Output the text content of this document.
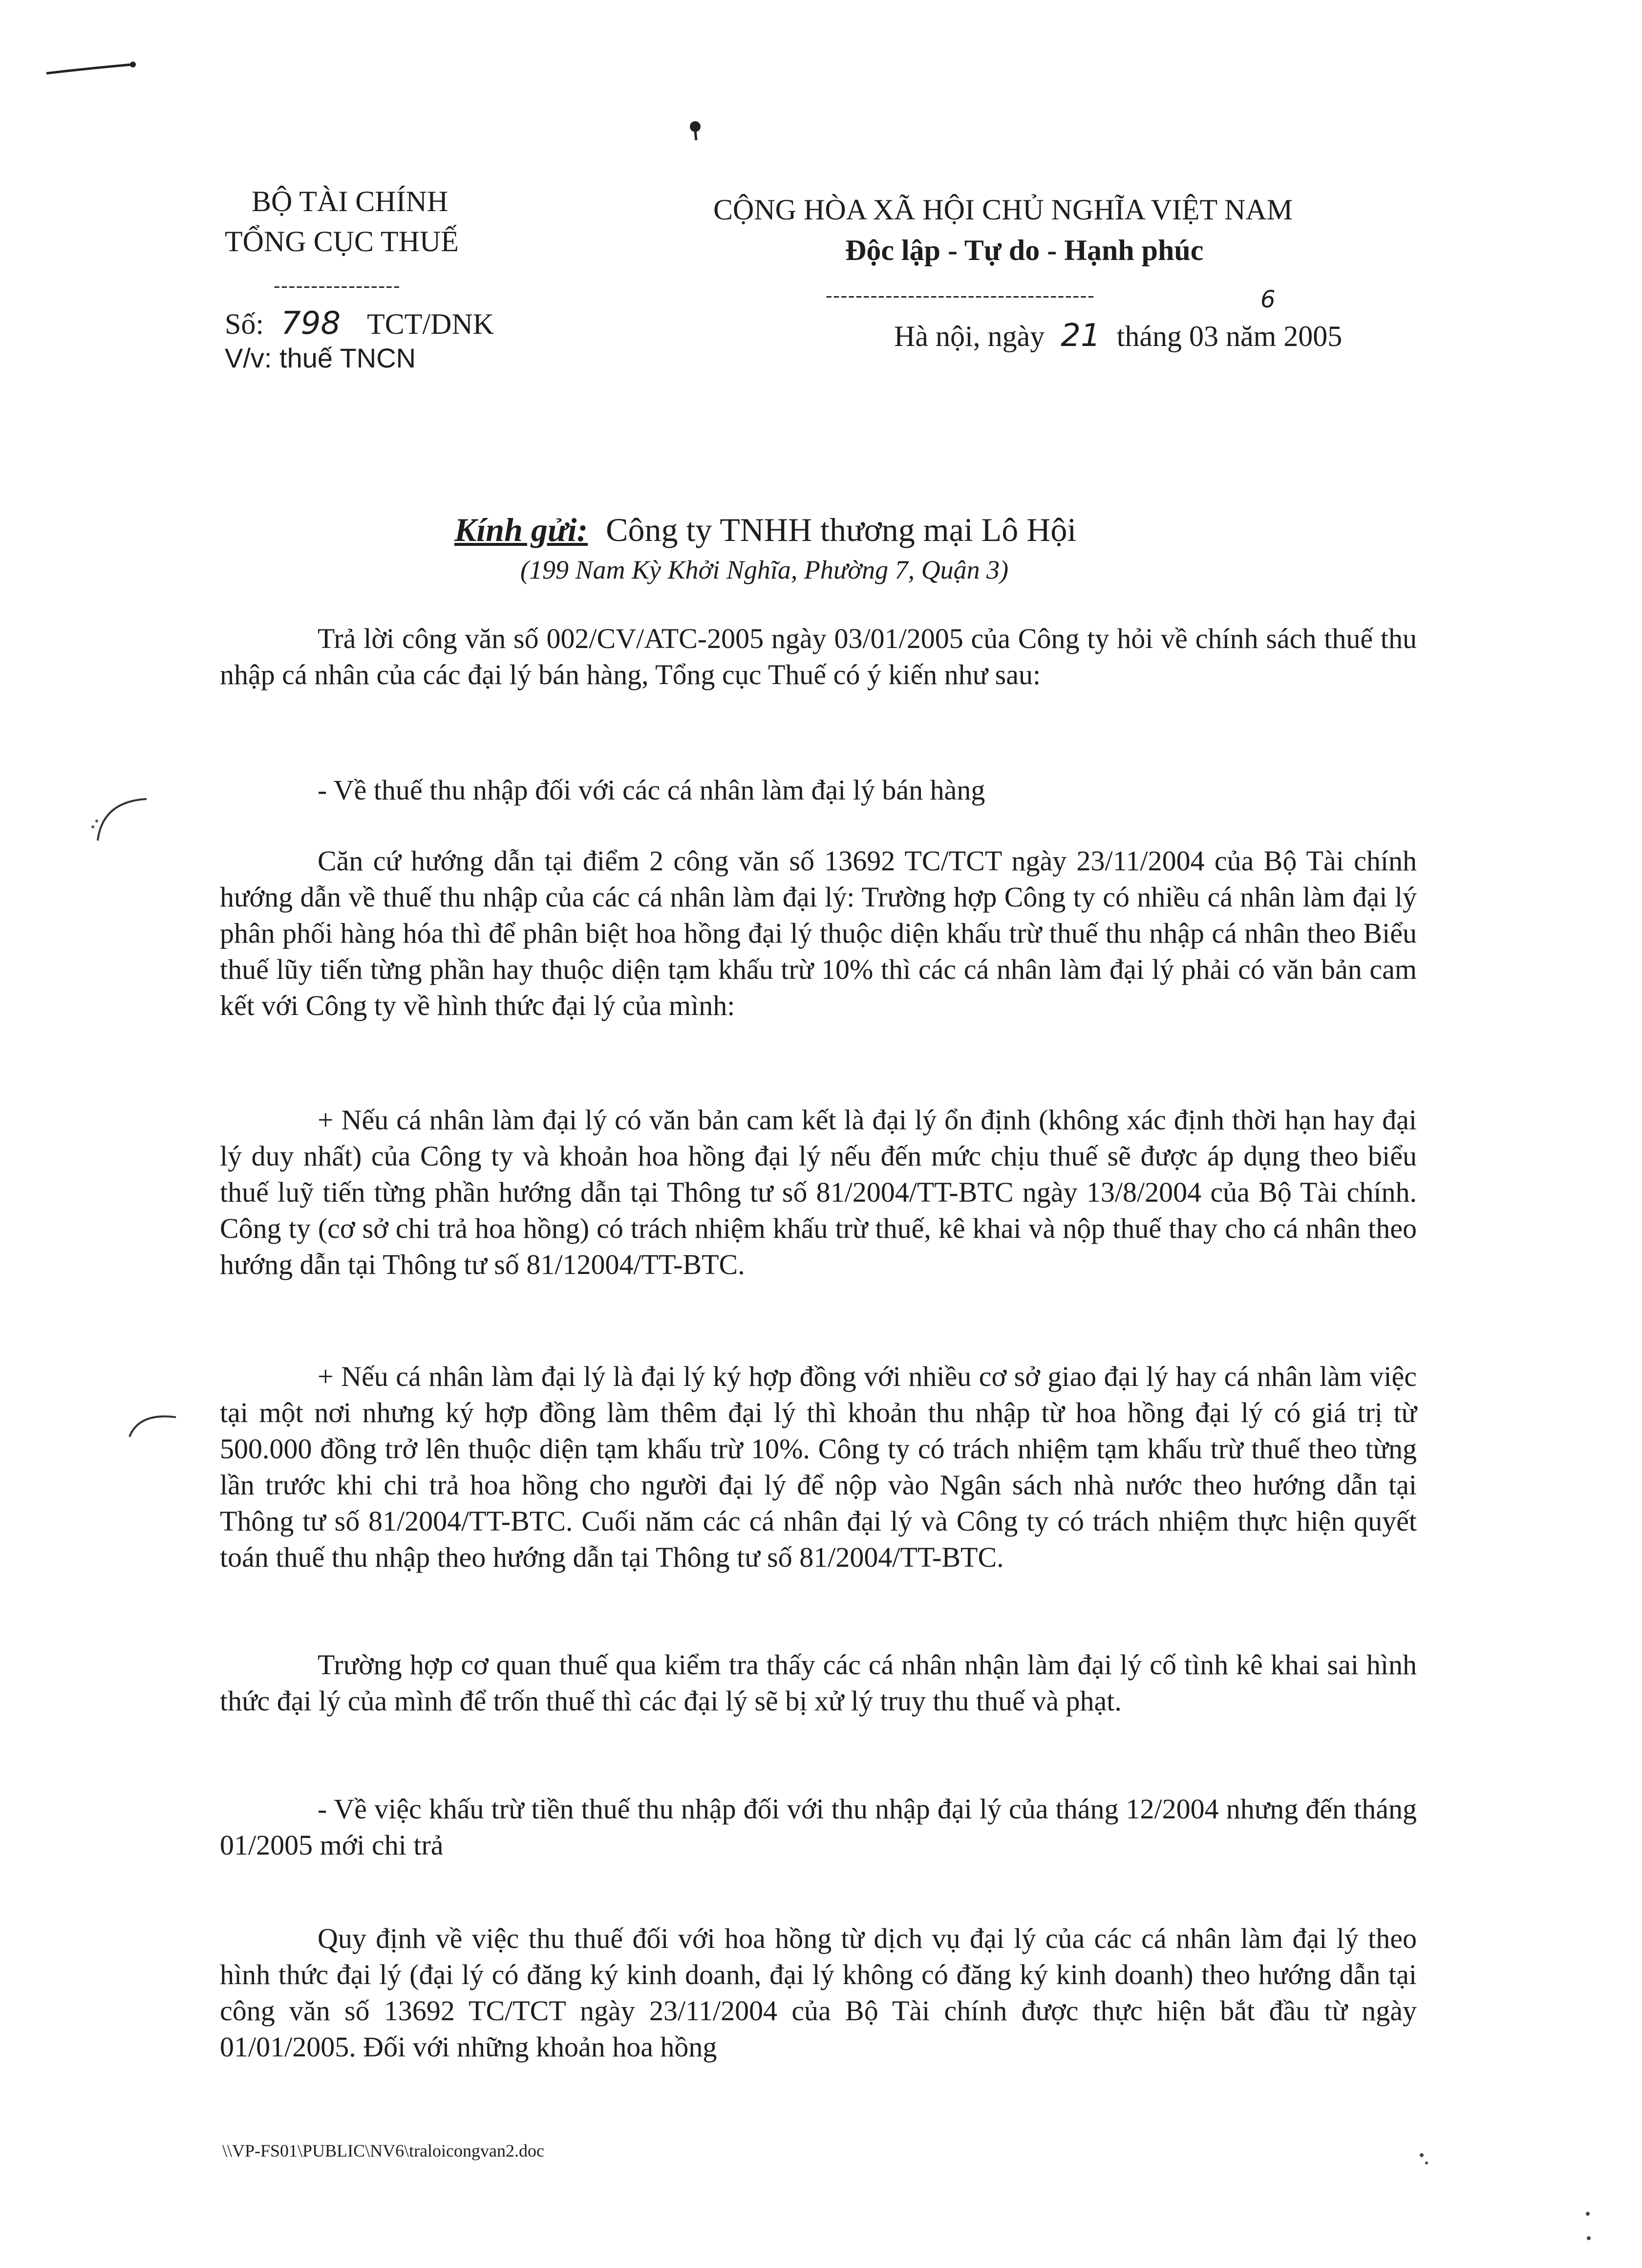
BỘ TÀI CHÍNH
TỔNG CỤC THUẾ
-----------------
CỘNG HÒA XÃ HỘI CHỦ NGHĨA VIỆT NAM
Độc lập - Tự do - Hạnh phúc
------------------------------------	6
Số: 798 TCT/DNK
V/v: thuế TNCN
Hà nội, ngày 21 tháng 03 năm 2005
Kính gửi: Công ty TNHH thương mại Lô Hội
(199 Nam Kỳ Khởi Nghĩa, Phường 7, Quận 3)
Trả lời công văn số 002/CV/ATC-2005 ngày 03/01/2005 của Công ty hỏi về chính sách thuế thu nhập cá nhân của các đại lý bán hàng, Tổng cục Thuế có ý kiến như sau:
- Về thuế thu nhập đối với các cá nhân làm đại lý bán hàng
Căn cứ hướng dẫn tại điểm 2 công văn số 13692 TC/TCT ngày 23/11/2004 của Bộ Tài chính hướng dẫn về thuế thu nhập của các cá nhân làm đại lý: Trường hợp Công ty có nhiều cá nhân làm đại lý phân phối hàng hóa thì để phân biệt hoa hồng đại lý thuộc diện khấu trừ thuế thu nhập cá nhân theo Biểu thuế lũy tiến từng phần hay thuộc diện tạm khấu trừ 10% thì các cá nhân làm đại lý phải có văn bản cam kết với Công ty về hình thức đại lý của mình:
+ Nếu cá nhân làm đại lý có văn bản cam kết là đại lý ổn định (không xác định thời hạn hay đại lý duy nhất) của Công ty và khoản hoa hồng đại lý nếu đến mức chịu thuế sẽ được áp dụng theo biểu thuế luỹ tiến từng phần hướng dẫn tại Thông tư số 81/2004/TT-BTC ngày 13/8/2004 của Bộ Tài chính. Công ty (cơ sở chi trả hoa hồng) có trách nhiệm khấu trừ thuế, kê khai và nộp thuế thay cho cá nhân theo hướng dẫn tại Thông tư số 81/12004/TT-BTC.
+ Nếu cá nhân làm đại lý là đại lý ký hợp đồng với nhiều cơ sở giao đại lý hay cá nhân làm việc tại một nơi nhưng ký hợp đồng làm thêm đại lý thì khoản thu nhập từ hoa hồng đại lý có giá trị từ 500.000 đồng trở lên thuộc diện tạm khấu trừ 10%. Công ty có trách nhiệm tạm khấu trừ thuế theo từng lần trước khi chi trả hoa hồng cho người đại lý để nộp vào Ngân sách nhà nước theo hướng dẫn tại Thông tư số 81/2004/TT-BTC. Cuối năm các cá nhân đại lý và Công ty có trách nhiệm thực hiện quyết toán thuế thu nhập theo hướng dẫn tại Thông tư số 81/2004/TT-BTC.
Trường hợp cơ quan thuế qua kiểm tra thấy các cá nhân nhận làm đại lý cố tình kê khai sai hình thức đại lý của mình để trốn thuế thì các đại lý sẽ bị xử lý truy thu thuế và phạt.
- Về việc khấu trừ tiền thuế thu nhập đối với thu nhập đại lý của tháng 12/2004 nhưng đến tháng 01/2005 mới chi trả
Quy định về việc thu thuế đối với hoa hồng từ dịch vụ đại lý của các cá nhân làm đại lý theo hình thức đại lý (đại lý có đăng ký kinh doanh, đại lý không có đăng ký kinh doanh) theo hướng dẫn tại công văn số 13692 TC/TCT ngày 23/11/2004 của Bộ Tài chính được thực hiện bắt đầu từ ngày 01/01/2005. Đối với những khoản hoa hồng
\\VP-FS01\PUBLIC\NV6\traloicongvan2.doc
